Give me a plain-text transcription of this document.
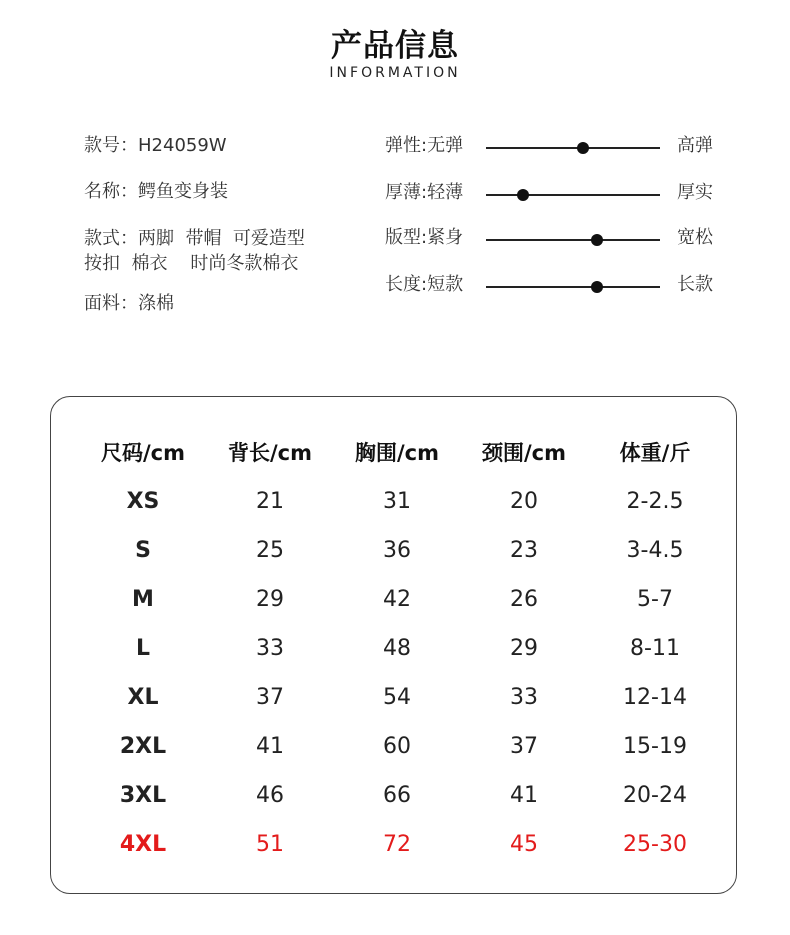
产品信息
INFORMATION
款号：H24059W
名称：鳄鱼变身装
款式：两脚  带帽  可爱造型
按扣  棉衣    时尚冬款棉衣
面料：涤棉
弹性:无弹	高弹
厚薄:轻薄	厚实
版型:紧身	宽松
长度:短款	长款
尺码/cm	背长/cm	胸围/cm	颈围/cm	体重/斤
XS	21	31	20	2-2.5
S	25	36	23	3-4.5
M	29	42	26	5-7
L	33	48	29	8-11
XL	37	54	33	12-14
2XL	41	60	37	15-19
3XL	46	66	41	20-24
4XL	51	72	45	25-30
